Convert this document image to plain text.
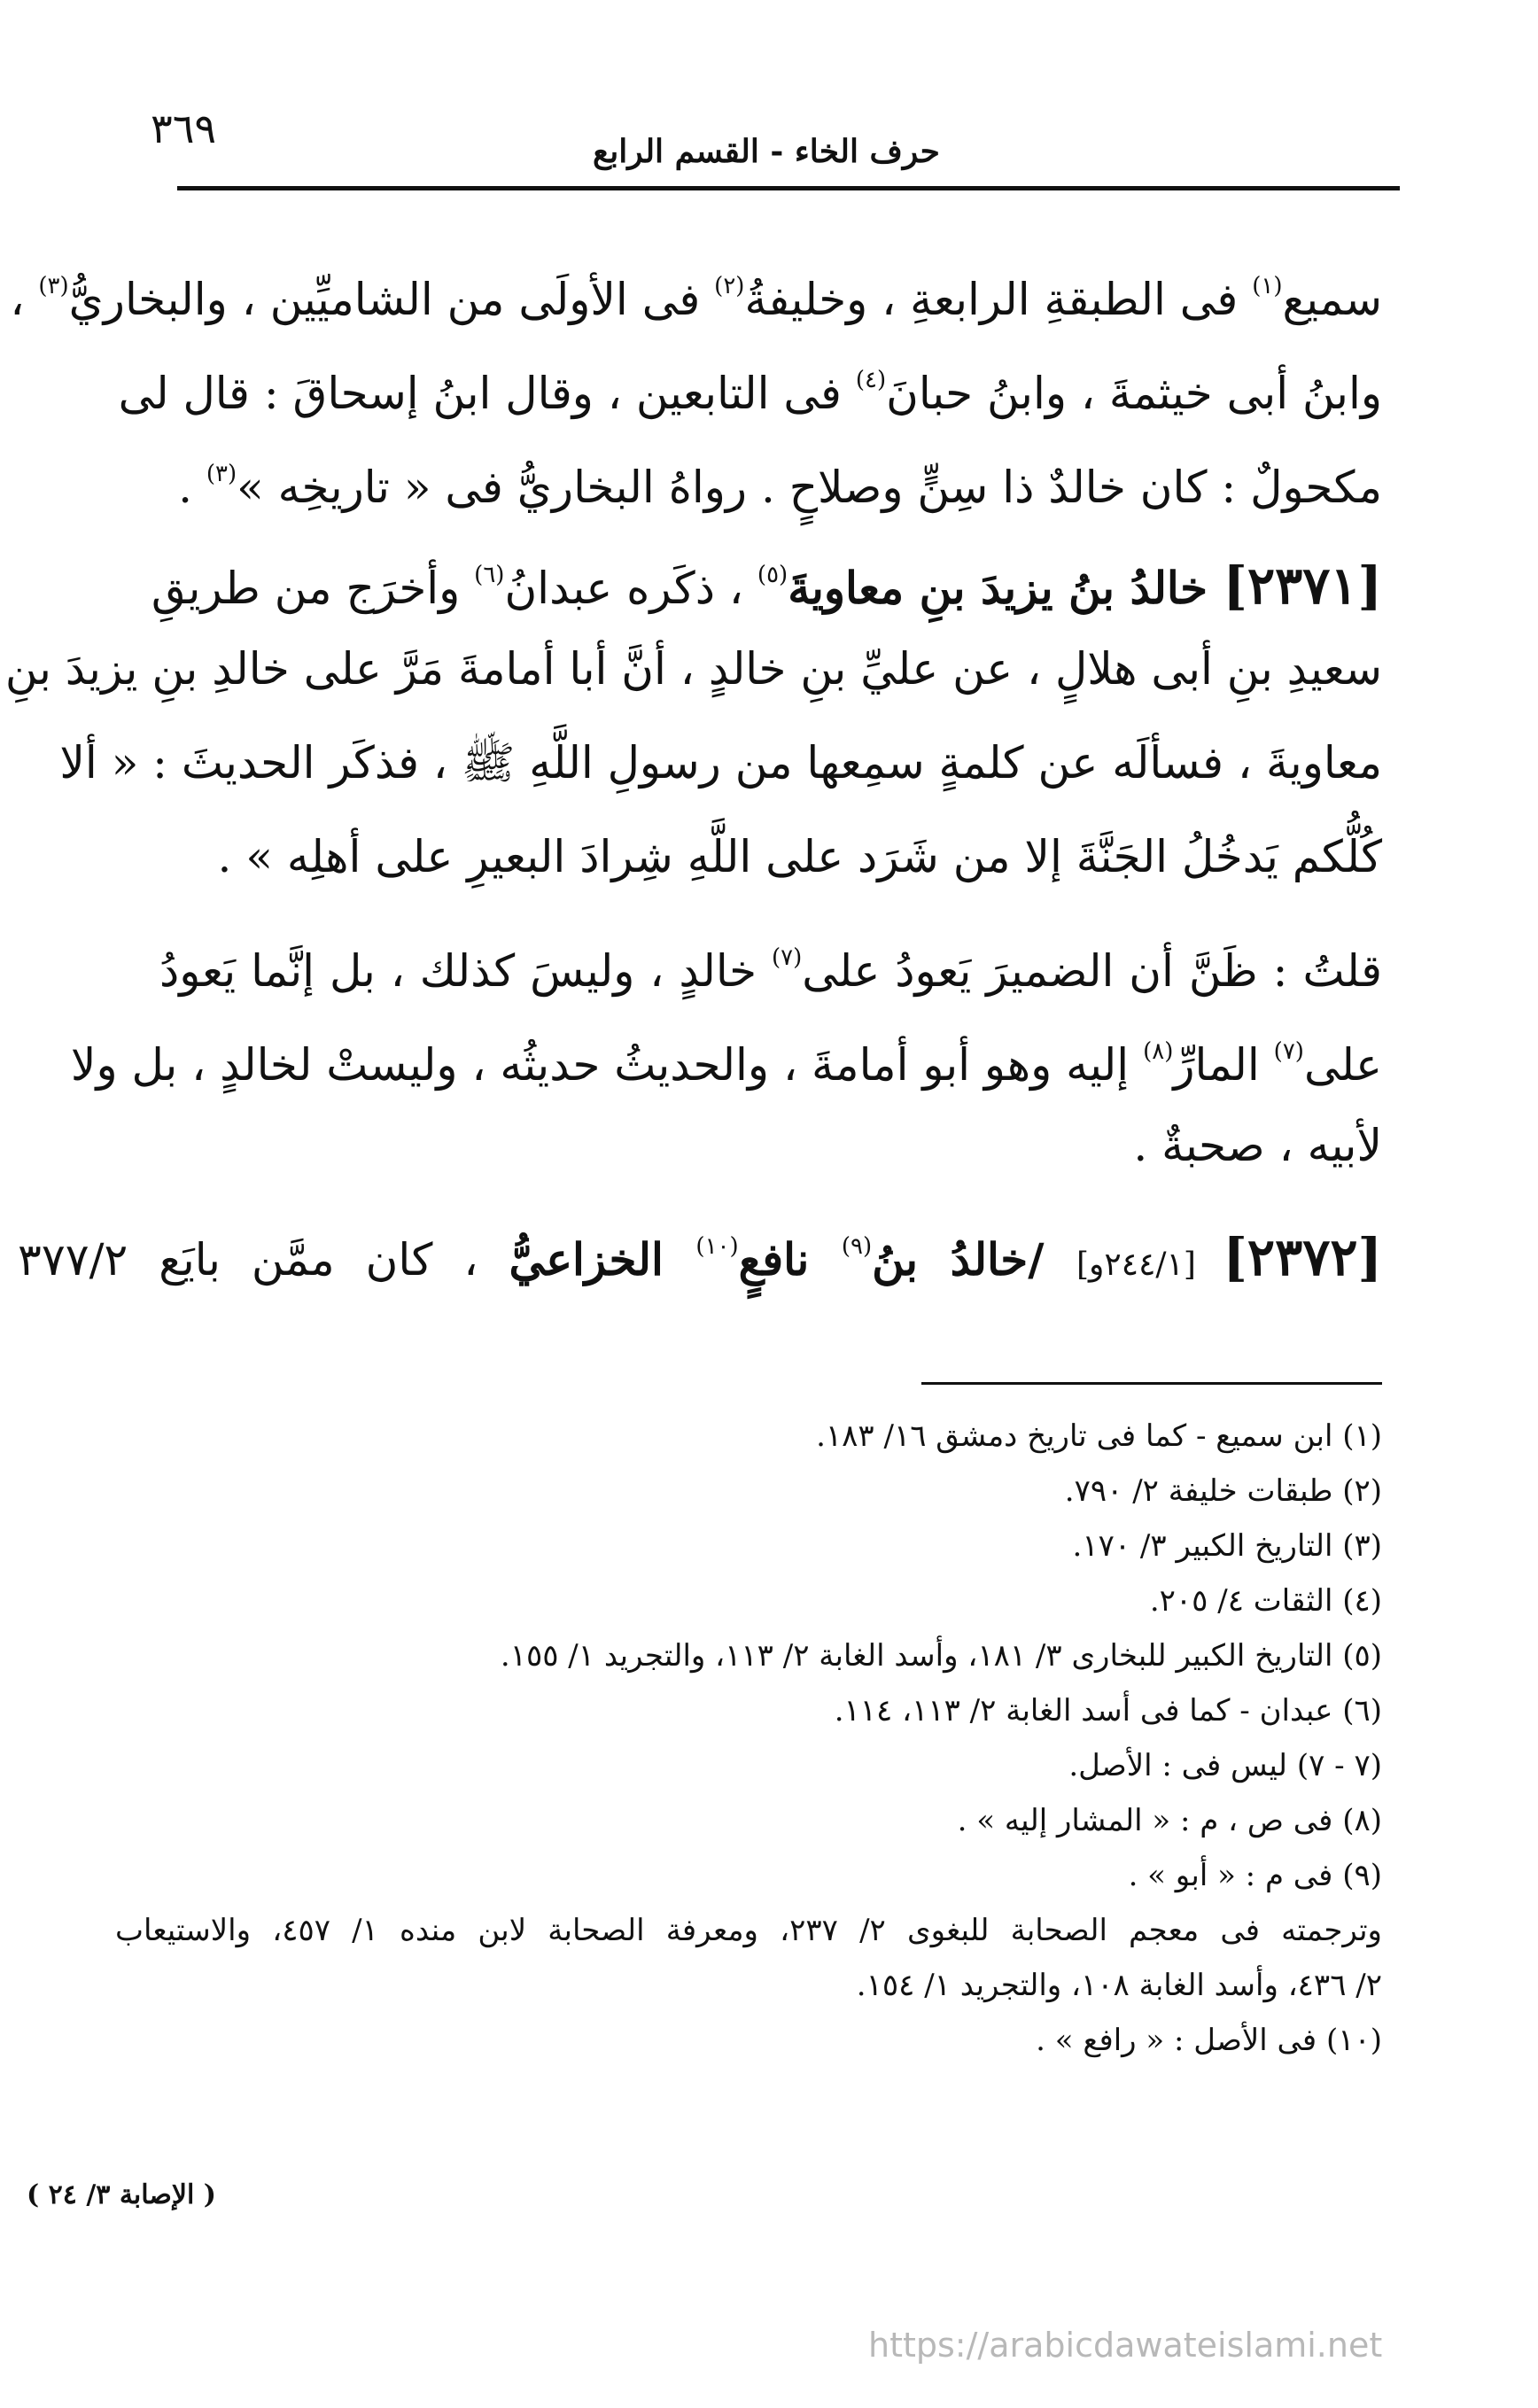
٣٦٩	حرف الخاء - القسم الرابع
سميع$^{(١)}$ فى الطبقةِ الرابعةِ ، وخليفةُ$^{(٢)}$ فى الأولَى من الشاميِّين ، والبخاريُّ$^{(٣)}$ ،
وابنُ أبى خيثمةَ ، وابنُ حبانَ$^{(٤)}$ فى التابعين ، وقال ابنُ إسحاقَ : قال لى
مكحولٌ : كان خالدٌ ذا سِنٍّ وصلاحٍ . رواهُ البخاريُّ فى « تاريخِه »$^{(٣)}$ .
[٢٣٧١] خالدُ بنُ يزيدَ بنِ معاويةَ$^{(٥)}$ ، ذكَره عبدانُ$^{(٦)}$ وأخرَج من طريقِ
سعيدِ بنِ أبى هلالٍ ، عن عليِّ بنِ خالدٍ ، أنَّ أبا أمامةَ مَرَّ على خالدِ بنِ يزيدَ بنِ
معاويةَ ، فسألَه عن كلمةٍ سمِعها من رسولِ اللَّهِ ﷺ ، فذكَر الحديثَ : « ألا
كُلُّكم يَدخُلُ الجَنَّةَ إلا من شَرَد على اللَّهِ شِرادَ البعيرِ على أهلِه » .
قلتُ : ظَنَّ أن الضميرَ يَعودُ على$^{(٧)}$ خالدٍ ، وليسَ كذلك ، بل إنَّما يَعودُ
على$^{(٧)}$ المارِّ$^{(٨)}$ إليه وهو أبو أمامةَ ، والحديثُ حديثُه ، وليستْ لخالدٍ ، بل ولا
لأبيه ، صحبةٌ .
[٢٣٧٢] [٢٤٤/١و] /خالدُ بنُ$^{(٩)}$ نافعٍ$^{(١٠)}$ الخزاعيُّ ، كان ممَّن بايَع ٣٧٧/٢
(١) ابن سميع - كما فى تاريخ دمشق ١٦/ ١٨٣.
(٢) طبقات خليفة ٢/ ٧٩٠.
(٣) التاريخ الكبير ٣/ ١٧٠.
(٤) الثقات ٤/ ٢٠٥.
(٥) التاريخ الكبير للبخارى ٣/ ١٨١، وأسد الغابة ٢/ ١١٣، والتجريد ١/ ١٥٥.
(٦) عبدان - كما فى أسد الغابة ٢/ ١١٣، ١١٤.
(٧ - ٧) ليس فى : الأصل.
(٨) فى ص ، م : « المشار إليه » .
(٩) فى م : « أبو » .
وترجمته فى معجم الصحابة للبغوى ٢/ ٢٣٧، ومعرفة الصحابة لابن منده ١/ ٤٥٧، والاستيعاب
٢/ ٤٣٦، وأسد الغابة ١٠٨، والتجريد ١/ ١٥٤.
(١٠) فى الأصل : « رافع » .
( الإصابة ٣/ ٢٤ )
https://arabicdawateislami.net
